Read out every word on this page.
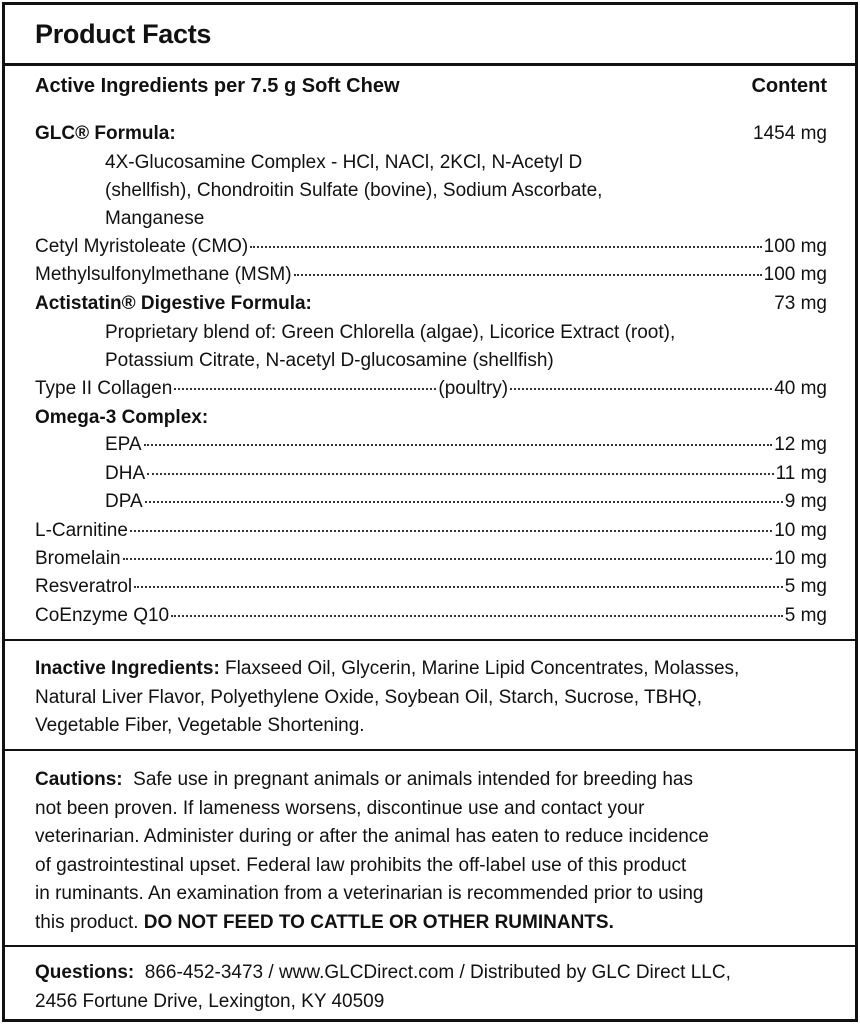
Product Facts
Active Ingredients per 7.5 g Soft Chew	Content
GLC® Formula:	1454 mg
4X-Glucosamine Complex - HCl, NACl, 2KCl, N-Acetyl D
(shellfish), Chondroitin Sulfate (bovine), Sodium Ascorbate,
Manganese
Cetyl Myristoleate (CMO)	100 mg
Methylsulfonylmethane (MSM)	100 mg
Actistatin® Digestive Formula:	73 mg
Proprietary blend of: Green Chlorella (algae), Licorice Extract (root),
Potassium Citrate, N-acetyl D-glucosamine (shellfish)
Type II Collagen	(poultry)	40 mg
Omega-3 Complex:
EPA	12 mg
DHA	11 mg
DPA	9 mg
L-Carnitine	10 mg
Bromelain	10 mg
Resveratrol	5 mg
CoEnzyme Q10	5 mg
Inactive Ingredients: Flaxseed Oil, Glycerin, Marine Lipid Concentrates, Molasses,
Natural Liver Flavor, Polyethylene Oxide, Soybean Oil, Starch, Sucrose, TBHQ,
Vegetable Fiber, Vegetable Shortening.
Cautions:  Safe use in pregnant animals or animals intended for breeding has
not been proven. If lameness worsens, discontinue use and contact your
veterinarian. Administer during or after the animal has eaten to reduce incidence
of gastrointestinal upset. Federal law prohibits the off-label use of this product
in ruminants. An examination from a veterinarian is recommended prior to using
this product. DO NOT FEED TO CATTLE OR OTHER RUMINANTS.
Questions:  866-452-3473 / www.GLCDirect.com / Distributed by GLC Direct LLC,
2456 Fortune Drive, Lexington, KY 40509
